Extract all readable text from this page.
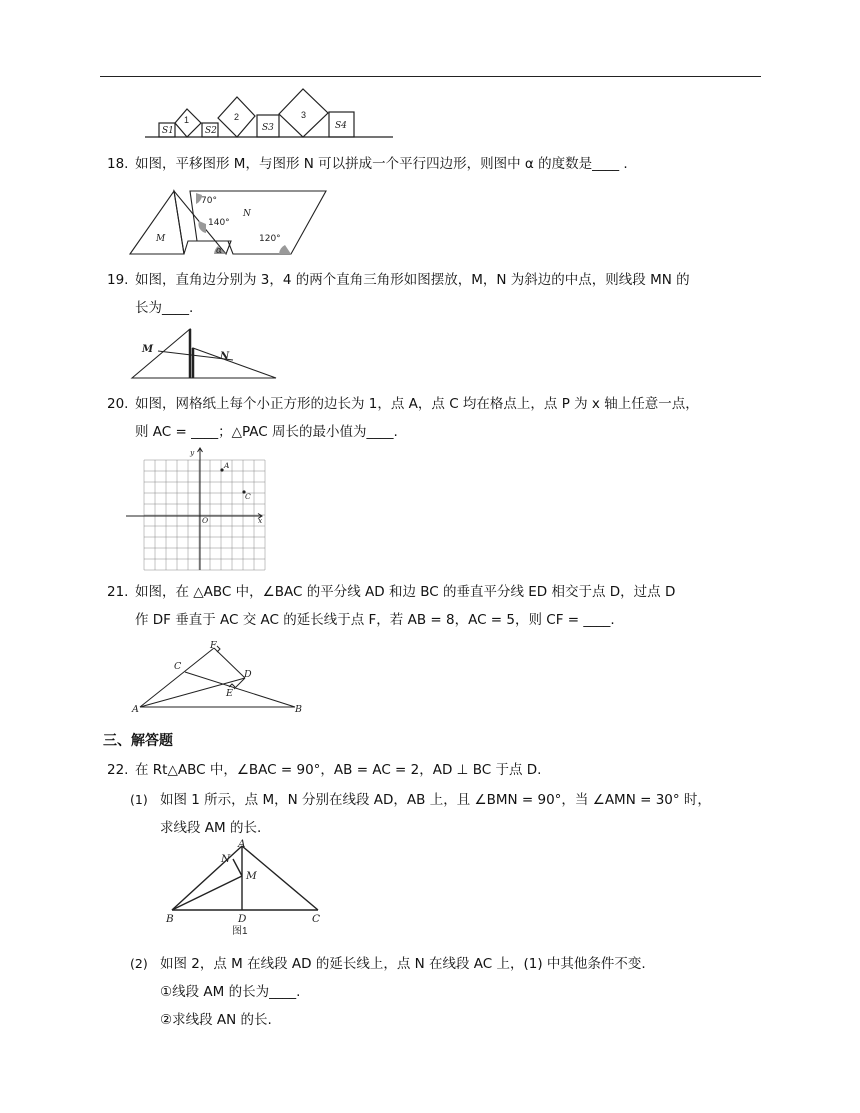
S1
1
S2
2
S3
3
S4
18. 如图，平移图形 M，与图形 N 可以拼成一个平行四边形，则图中 α 的度数是____ .
70°
140°
120°
M
N
α
19. 如图，直角边分别为 3，4 的两个直角三角形如图摆放，M，N 为斜边的中点，则线段 MN 的
长为____.
M
N
20. 如图，网格纸上每个小正方形的边长为 1，点 A，点 C 均在格点上，点 P 为 x 轴上任意一点，
则 AC = ____；△PAC 周长的最小值为____.
y
x
O
A
C
21. 如图，在 △ABC 中，∠BAC 的平分线 AD 和边 BC 的垂直平分线 ED 相交于点 D，过点 D
作 DF 垂直于 AC 交 AC 的延长线于点 F，若 AB = 8，AC = 5，则 CF = ____.
F
C
D
E
A	B
三、解答题
22. 在 Rt△ABC 中，∠BAC = 90°，AB = AC = 2，AD ⊥ BC 于点 D.
(1) 如图 1 所示，点 M，N 分别在线段 AD，AB 上，且 ∠BMN = 90°，当 ∠AMN = 30° 时，
求线段 AM 的长.
A
N
M
B	D	C
图1
(2) 如图 2，点 M 在线段 AD 的延长线上，点 N 在线段 AC 上，(1) 中其他条件不变.
①线段 AM 的长为____.
②求线段 AN 的长.
